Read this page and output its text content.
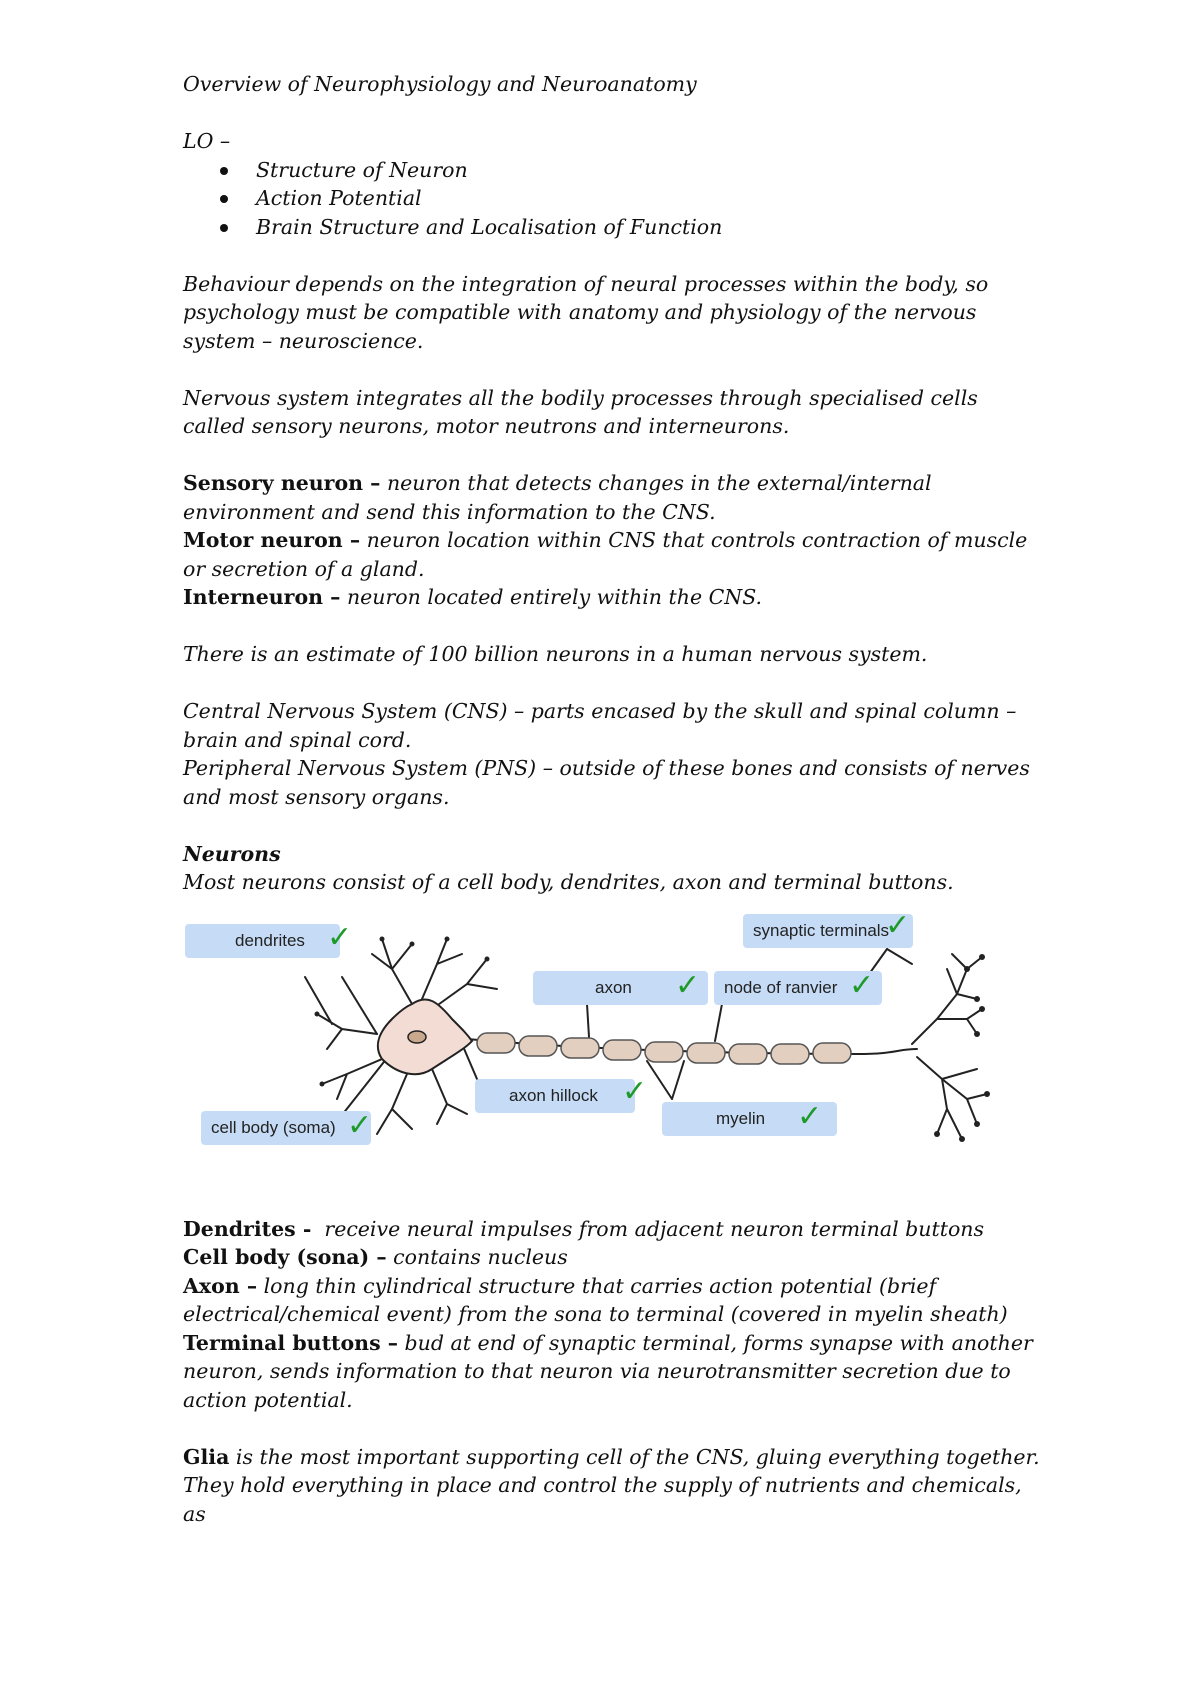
Overview of Neurophysiology and Neuroanatomy

LO –

Structure of Neuron
Action Potential
Brain Structure and Localisation of Function

Behaviour depends on the integration of neural processes within the body, so psychology must be compatible with anatomy and physiology of the nervous system – neuroscience.

Nervous system integrates all the bodily processes through specialised cells called sensory neurons, motor neutrons and interneurons.

Sensory neuron – neuron that detects changes in the external/internal environment and send this information to the CNS.

Motor neuron – neuron location within CNS that controls contraction of muscle or secretion of a gland.

Interneuron – neuron located entirely within the CNS.

There is an estimate of 100 billion neurons in a human nervous system.

Central Nervous System (CNS) – parts encased by the skull and spinal column – brain and spinal cord.

Peripheral Nervous System (PNS) – outside of these bones and consists of nerves and most sensory organs.

Neurons

Most neurons consist of a cell body, dendrites, axon and terminal buttons.

dendrites ✓	synaptic terminals
✓
axon	✓	node of ranvier ✓
axon hillock ✓
myelin	✓
cell body (soma) ✓

Dendrites -  receive neural impulses from adjacent neuron terminal buttons

Cell body (sona) – contains nucleus

Axon – long thin cylindrical structure that carries action potential (brief electrical/chemical event) from the sona to terminal (covered in myelin sheath)

Terminal buttons – bud at end of synaptic terminal, forms synapse with another neuron, sends information to that neuron via neurotransmitter secretion due to action potential.

Glia is the most important supporting cell of the CNS, gluing everything together. They hold everything in place and control the supply of nutrients and chemicals, as
